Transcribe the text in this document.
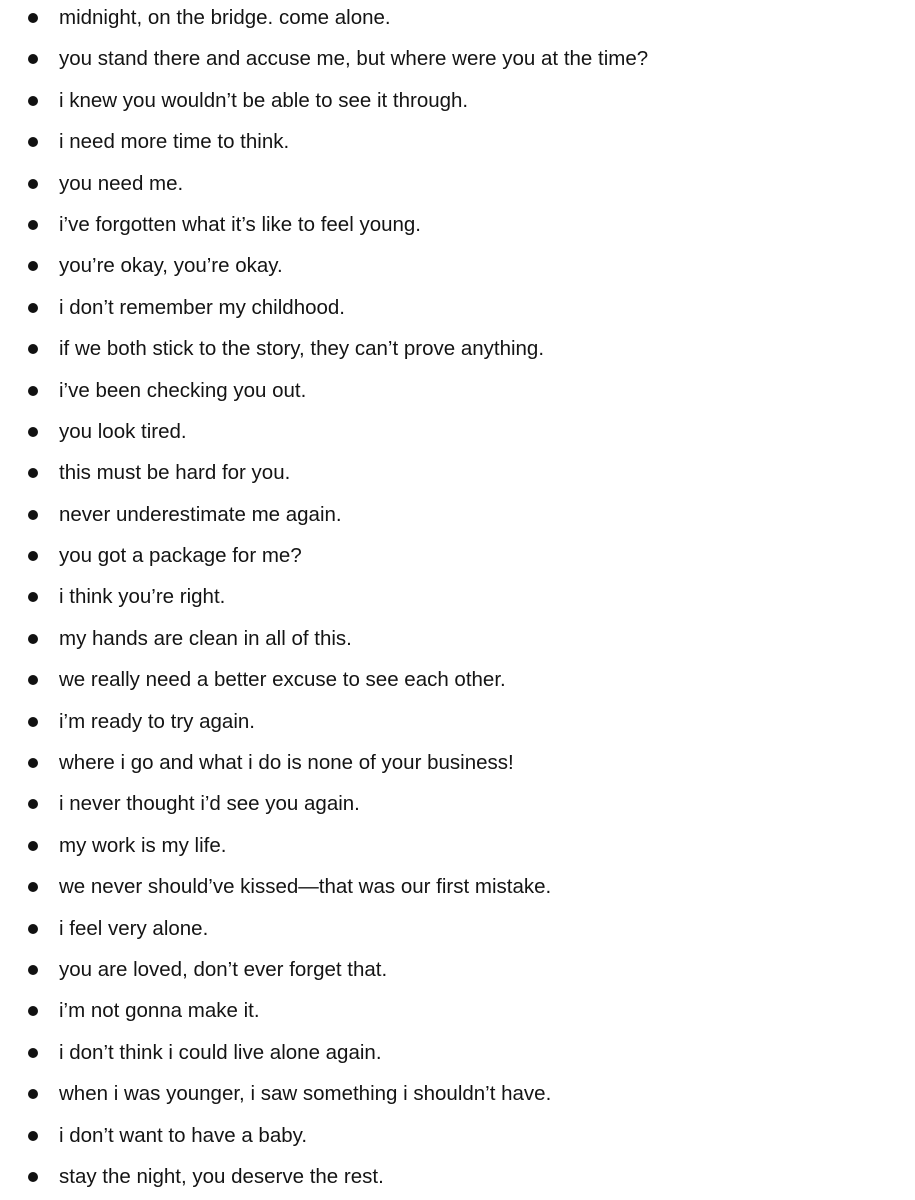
midnight, on the bridge. come alone.
you stand there and accuse me, but where were you at the time?
i knew you wouldn’t be able to see it through.
i need more time to think.
you need me.
i’ve forgotten what it’s like to feel young.
you’re okay, you’re okay.
i don’t remember my childhood.
if we both stick to the story, they can’t prove anything.
i’ve been checking you out.
you look tired.
this must be hard for you.
never underestimate me again.
you got a package for me?
i think you’re right.
my hands are clean in all of this.
we really need a better excuse to see each other.
i’m ready to try again.
where i go and what i do is none of your business!
i never thought i’d see you again.
my work is my life.
we never should’ve kissed—that was our first mistake.
i feel very alone.
you are loved, don’t ever forget that.
i’m not gonna make it.
i don’t think i could live alone again.
when i was younger, i saw something i shouldn’t have.
i don’t want to have a baby.
stay the night, you deserve the rest.
